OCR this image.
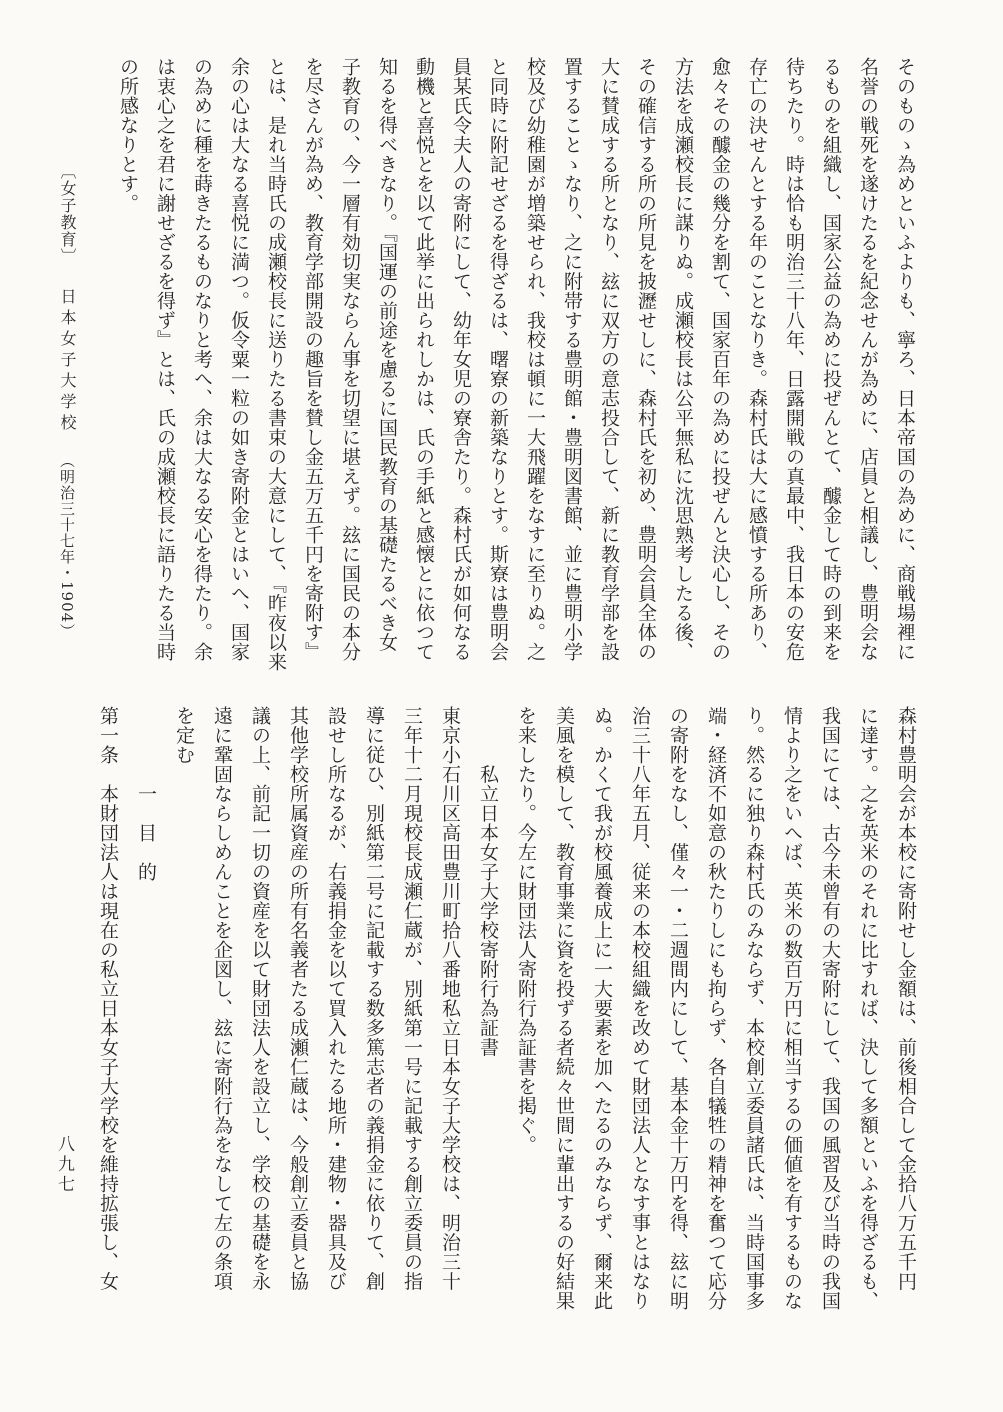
そのものゝ為めといふよりも、寧ろ、日本帝国の為めに、商戦場裡に
名誉の戦死を遂けたるを紀念せんが為めに、店員と相議し、豊明会な
るものを組織し、国家公益の為めに投ぜんとて、醵金して時の到来を
待ちたり。時は恰も明治三十八年、日露開戦の真最中、我日本の安危
存亡の決せんとする年のことなりき。森村氏は大に感憤する所あり、
愈々その醵金の幾分を割て、国家百年の為めに投ぜんと決心し、その
方法を成瀬校長に謀りぬ。成瀬校長は公平無私に沈思熟考したる後、
その確信する所の所見を披瀝せしに、森村氏を初め、豊明会員全体の
大に賛成する所となり、玆に双方の意志投合して、新に教育学部を設
置することゝなり、之に附帯する豊明館・豊明図書館、並に豊明小学
校及び幼稚園が増築せられ、我校は頓に一大飛躍をなすに至りぬ。之
と同時に附記せざるを得ざるは、曙寮の新築なりとす。斯寮は豊明会
員某氏令夫人の寄附にして、幼年女児の寮舎たり。森村氏が如何なる
動機と喜悦とを以て此挙に出られしかは、氏の手紙と感懐とに依つて
知るを得べきなり。『国運の前途を慮るに国民教育の基礎たるべき女
子教育の、今一層有効切実ならん事を切望に堪えず。玆に国民の本分
を尽さんが為め、教育学部開設の趣旨を賛し金五万五千円を寄附す』
とは、是れ当時氏の成瀬校長に送りたる書束の大意にして、『昨夜以来
余の心は大なる喜悦に満つ。仮令粟一粒の如き寄附金とはいへ、国家
の為めに種を蒔きたるものなりと考へ、余は大なる安心を得たり。余
は衷心之を君に謝せざるを得ず』とは、氏の成瀬校長に語りたる当時
の所感なりとす。
〔女子教育〕 日本女子大学校 （明治三十七年・1904）
森村豊明会が本校に寄附せし金額は、前後相合して金拾八万五千円
に達す。之を英米のそれに比すれば、決して多額といふを得ざるも、
我国にては、古今未曾有の大寄附にして、我国の風習及び当時の我国
情より之をいへば、英米の数百万円に相当するの価値を有するものな
り。然るに独り森村氏のみならず、本校創立委員諸氏は、当時国事多
端・経済不如意の秋たりしにも拘らず、各自犠牲の精神を奮つて応分
の寄附をなし、僅々一・二週間内にして、基本金十万円を得、玆に明
治三十八年五月、従来の本校組織を改めて財団法人となす事とはなり
ぬ。かくて我が校風養成上に一大要素を加へたるのみならず、爾来此
美風を模して、教育事業に資を投ずる者続々世間に輩出するの好結果
を来したり。今左に財団法人寄附行為証書を掲ぐ。
　　　私立日本女子大学校寄附行為証書
東京小石川区高田豊川町拾八番地私立日本女子大学校は、明治三十
三年十二月現校長成瀬仁蔵が、別紙第一号に記載する創立委員の指
導に従ひ、別紙第二号に記載する数多篤志者の義捐金に依りて、創
設せし所なるが、右義捐金を以て買入れたる地所・建物・器具及び
其他学校所属資産の所有名義者たる成瀬仁蔵は、今般創立委員と協
議の上、前記一切の資産を以て財団法人を設立し、学校の基礎を永
遠に鞏固ならしめんことを企図し、玆に寄附行為をなして左の条項
を定む
　　　　一　目　的
第一条　本財団法人は現在の私立日本女子大学校を維持拡張し、女
八九七
